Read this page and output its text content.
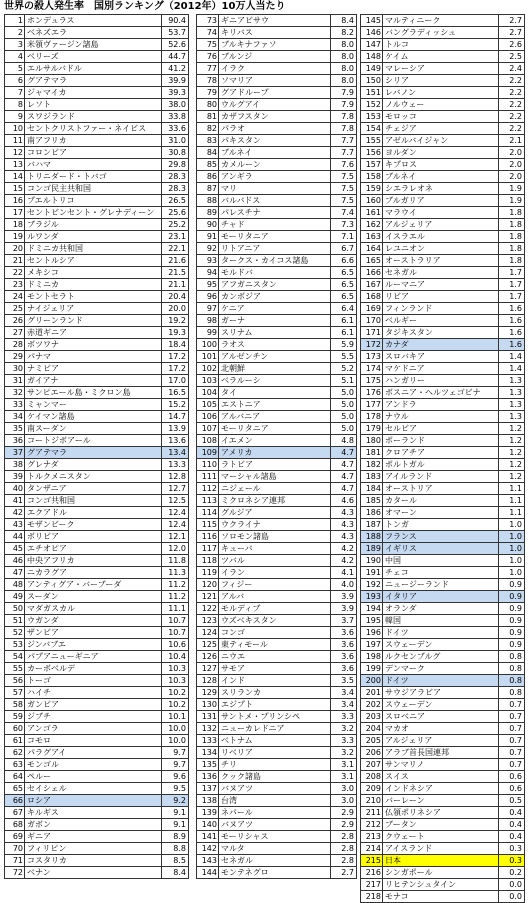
世界の殺人発生率　国別ランキング（2012年）10万人当たり
1	ホンデュラス	90.4
2	ベネズエラ	53.7
3	米領ヴァージン諸島	52.6
4	ベリーズ	44.7
5	エルサルバドル	41.2
6	グアテマラ	39.9
7	ジャマイカ	39.3
8	レソト	38.0
9	スワジランド	33.8
10	セントクリストファー・ネイビス	33.6
11	南アフリカ	31.0
12	コロンビア	30.8
13	バハマ	29.8
14	トリニダード・トバゴ	28.3
15	コンゴ民主共和国	28.3
16	プエルトリコ	26.5
17	セントビンセント・グレナディーン	25.6
18	ブラジル	25.2
19	ルワンダ	23.1
20	ドミニカ共和国	22.1
21	セントルシア	21.6
22	メキシコ	21.5
23	ドミニカ	21.1
24	モントセラト	20.4
25	ナイジェリア	20.0
26	グリーンランド	19.2
27	赤道ギニア	19.3
28	ボツワナ	18.4
29	パナマ	17.2
30	ナミビア	17.2
31	ガイアナ	17.0
32	サンピエール島・ミクロン島	16.5
33	ミャンマー	15.2
34	ケイマン諸島	14.7
35	南スーダン	13.9
36	コートジボアール	13.6
37	グアテマラ	13.4
38	グレナダ	13.3
39	トルクメニスタン	12.8
40	タンザニア	12.7
41	コンゴ共和国	12.5
42	エクアドル	12.4
43	モザンビーク	12.4
44	ボリビア	12.1
45	エチオピア	12.0
46	中央アフリカ	11.8
47	ニカラグア	11.3
48	アンティグア・バーブーダ	11.2
49	スーダン	11.2
50	マダガスカル	11.1
51	ウガンダ	10.7
52	ザンビア	10.7
53	ジンバブエ	10.6
54	パプアニューギニア	10.4
55	カーボベルデ	10.3
56	トーゴ	10.3
57	ハイチ	10.2
58	ガンビア	10.2
59	ジブチ	10.1
60	アンゴラ	10.0
61	コモロ	10.0
62	パラグアイ	9.7
63	モンゴル	9.7
64	ペルー	9.6
65	セイシェル	9.5
66	ロシア	9.2
67	キルギス	9.1
68	ガボン	9.1
69	ギニア	8.9
70	フィリピン	8.8
71	コスタリカ	8.5
72	ベナン	8.4
73	ギニアビサウ	8.4
74	キリバス	8.2
75	ブルキナファソ	8.0
76	ブルンジ	8.0
77	イラク	8.0
78	ソマリア	8.0
79	グアドループ	7.9
80	ウルグアイ	7.9
81	カザフスタン	7.8
82	パラオ	7.8
83	パキスタン	7.7
84	ブルネイ	7.7
85	カメルーン	7.6
86	アンギラ	7.5
87	マリ	7.5
88	バルバドス	7.5
89	パレスチナ	7.4
90	チャド	7.3
91	モーリタニア	7.1
92	リトアニア	6.7
93	タークス・カイコス諸島	6.6
94	モルドバ	6.5
95	アフガニスタン	6.5
96	カンボジア	6.5
97	ケニア	6.4
98	ガーナ	6.1
99	スリナム	6.1
100	ラオス	5.9
101	アルゼンチン	5.5
102	北朝鮮	5.2
103	ベラルーシ	5.1
104	タイ	5.0
105	エストニア	5.0
106	アルバニア	5.0
107	モーリタニア	5.0
108	イエメン	4.8
109	アメリカ	4.7
110	ラトビア	4.7
111	マーシャル諸島	4.7
112	ニジェール	4.7
113	ミクロネシア連邦	4.6
114	グルジア	4.3
115	ウクライナ	4.3
116	ソロモン諸島	4.3
117	キューバ	4.2
118	ツバル	4.2
119	イラン	4.1
120	フィジー	4.0
121	アルバ	3.9
122	モルディブ	3.9
123	ウズベキスタン	3.7
124	コンゴ	3.6
125	東ティモール	3.6
126	ニウエ	3.6
127	サモア	3.6
128	インド	3.5
129	スリランカ	3.4
130	エジプト	3.4
131	サントメ・プリンシペ	3.3
132	ニューカレドニア	3.2
133	ベトナム	3.3
134	リベリア	3.2
135	チリ	3.1
136	クック諸島	3.1
137	バヌアツ	3.0
138	台湾	3.0
139	ネパール	2.9
140	バヌアツ	2.9
141	モーリシャス	2.8
142	マルタ	2.8
143	セネガル	2.8
144	モンテネグロ	2.7
145	マルティニーク	2.7
146	バングラディッシュ	2.7
147	トルコ	2.6
148	ケイム	2.5
149	マレーシア	2.4
150	シリア	2.2
151	レバノン	2.2
152	ノルウェー	2.2
153	モロッコ	2.2
154	チェジア	2.2
155	アゼルバイジャン	2.1
156	ヨルダン	2.0
157	キプロス	2.0
158	ブルネイ	2.0
159	シエラレオネ	1.9
160	ブルガリア	1.9
161	マラウイ	1.8
162	アルジェリア	1.8
163	イスラエル	1.8
164	レユニオン	1.8
165	オーストラリア	1.8
166	セネガル	1.7
167	ルーマニア	1.7
168	リビア	1.7
169	フィンランド	1.6
170	ベルギー	1.6
171	タジキスタン	1.6
172	カナダ	1.6
173	スロバキア	1.4
174	マケドニア	1.4
175	ハンガリー	1.3
176	ボスニア・ヘルツェゴビナ	1.3
177	アンドラ	1.3
178	ナウル	1.3
179	セルビア	1.2
180	ポーランド	1.2
181	クロアチア	1.2
182	ポルトガル	1.2
183	アイルランド	1.2
184	オーストリア	1.1
185	カタール	1.1
186	オマーン	1.1
187	トンガ	1.0
188	フランス	1.0
189	イギリス	1.0
190	中国	1.0
191	チェコ	1.0
192	ニュージーランド	0.9
193	イタリア	0.9
194	オランダ	0.9
195	韓国	0.9
196	ドイツ	0.9
197	スウェーデン	0.9
198	ルクセンブルグ	0.8
199	デンマーク	0.8
200	ドイツ	0.8
201	サウジアラビア	0.8
202	スウェーデン	0.7
203	スロベニア	0.7
204	マカオ	0.7
205	アルジェリア	0.7
206	アラブ首長国連邦	0.7
207	サンマリノ	0.7
208	スイス	0.6
209	インドネシア	0.6
210	バーレーン	0.5
211	仏領ポリネシア	0.4
212	ブータン	0.4
213	クウェート	0.4
214	アイスランド	0.3
215	日本	0.3
216	シンガポール	0.2
217	リヒテンシュタイン	0.0
218	モナコ	0.0
